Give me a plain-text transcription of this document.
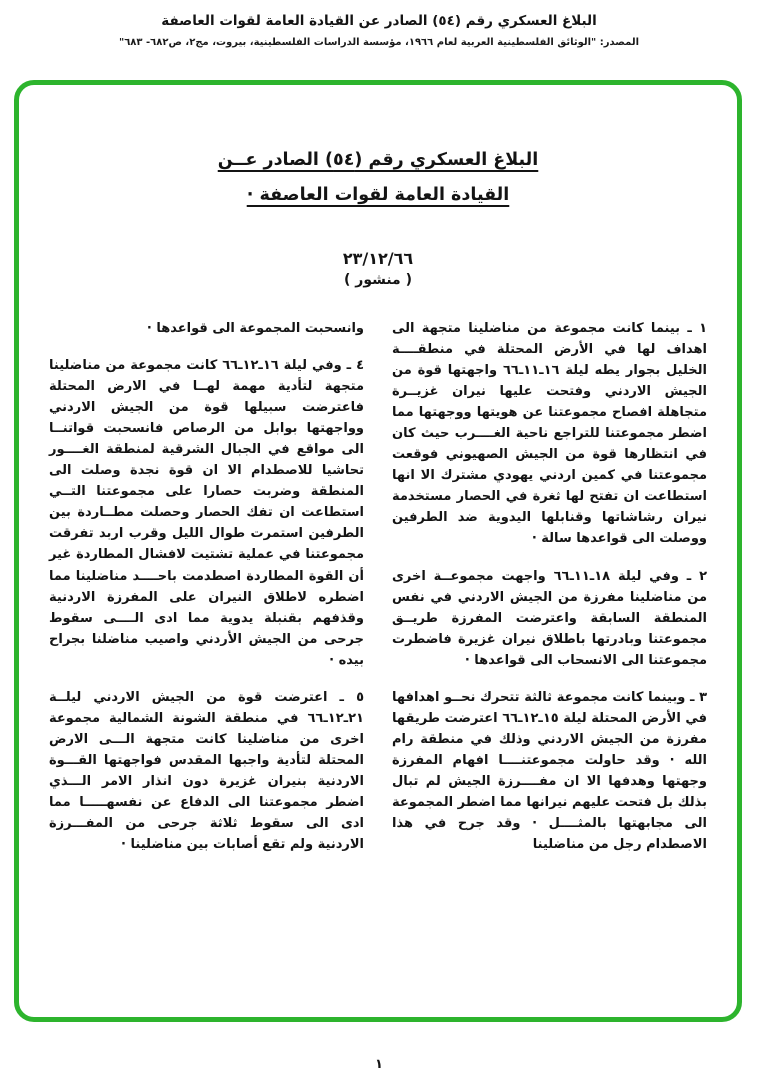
البلاغ العسكري رقم (٥٤) الصادر عن القيادة العامة لقوات العاصفة
المصدر: "الوثائق الفلسطينية العربية لعام ١٩٦٦، مؤسسة الدراسات الفلسطينية، بيروت، مج٢، ص٦٨٢- ٦٨٣"
البلاغ العسكري رقم (٥٤) الصادر عــن
القيادة العامة لقوات العاصفة ·
٢٣/١٢/٦٦
( منشور )

١ ـ بينما كانت مجموعة من مناضلينا متجهة الى اهداف لها في الأرض المحتلة في منطقــــة الخليل بجوار يطه ليلة ١٦ـ١١ـ٦٦ واجهتها قوة من الجيش الاردني وفتحت عليها نيران غزيــرة متجاهلة افصاح مجموعتنا عن هويتها ووجهتها مما اضطر مجموعتنا للتراجع ناحية الغــــرب حيث كان في انتظارها قوة من الجيش الصهيوني فوقعت مجموعتنا في كمين اردني يهودي مشترك الا انها استطاعت ان تفتح لها ثغرة في الحصار مستخدمة نيران رشاشاتها وقنابلها اليدوية ضد الطرفين ووصلت الى قواعدها سالة ·

٢ ـ وفي ليلة ١٨ـ١١ـ٦٦ واجهت مجموعــة اخرى من مناضلينا مفرزة من الجيش الاردني في نفس المنطقة السابقة واعترضت المفرزة طريــق مجموعتنا وبادرتها باطلاق نيران غزيرة فاضطرت مجموعتنا الى الانسحاب الى قواعدها ·

٣ ـ وبينما كانت مجموعة ثالثة تتحرك نحــو اهدافها في الأرض المحتلة ليلة ١٥ـ١٢ـ٦٦ اعترضت طريقها مفرزة من الجيش الاردني وذلك في منطقة رام الله · وقد حاولت مجموعتنــــا افهام المفرزة وجهتها وهدفها الا ان مفــــرزة الجيش لم تبال بذلك بل فتحت عليهم نيرانها مما اضطر المجموعة الى مجابهتها بالمثــــل · وقد جرح في هذا الاصطدام رجل من مناضلينا

وانسحبت المجموعة الى قواعدها ·

٤ ـ وفي ليلة ١٦ـ١٢ـ٦٦ كانت مجموعة من مناضلينا متجهة لتأدية مهمة لهــا في الارض المحتلة فاعترضت سبيلها قوة من الجيش الاردني وواجهتها بوابل من الرصاص فانسحبت قواتنــا الى مواقع في الجبال الشرقية لمنطقة الغــــور تحاشيا للاصطدام الا ان قوة نجدة وصلت الى المنطقة وضربت حصارا على مجموعتنا التــي استطاعت ان تفك الحصار وحصلت مطــاردة بين الطرفين استمرت طوال الليل وقرب اربد تفرقت مجموعتنا في عملية تشتيت لافشال المطاردة غير أن القوة المطاردة اصطدمت باحــــد مناضلينا مما اضطره لاطلاق النيران على المفرزة الاردنية وقذفهم بقنبلة يدوية مما ادى الــــى سقوط جرحى من الجيش الأردني واصيب مناضلنا بجراح بيده ·

٥ ـ اعترضت قوة من الجيش الاردني ليلــة ٢١ـ١٢ـ٦٦ في منطقة الشونة الشمالية مجموعة اخرى من مناضلينا كانت متجهة الـــى الارض المحتلة لتأدية واجبها المقدس فواجهتها القـــوة الاردنية بنيران غزيرة دون انذار الامر الـــذي اضطر مجموعتنا الى الدفاع عن نفسهـــــا مما ادى الى سقوط ثلاثة جرحى من المفـــرزة الاردنية ولم تقع أصابات بين مناضلينا ·

١
